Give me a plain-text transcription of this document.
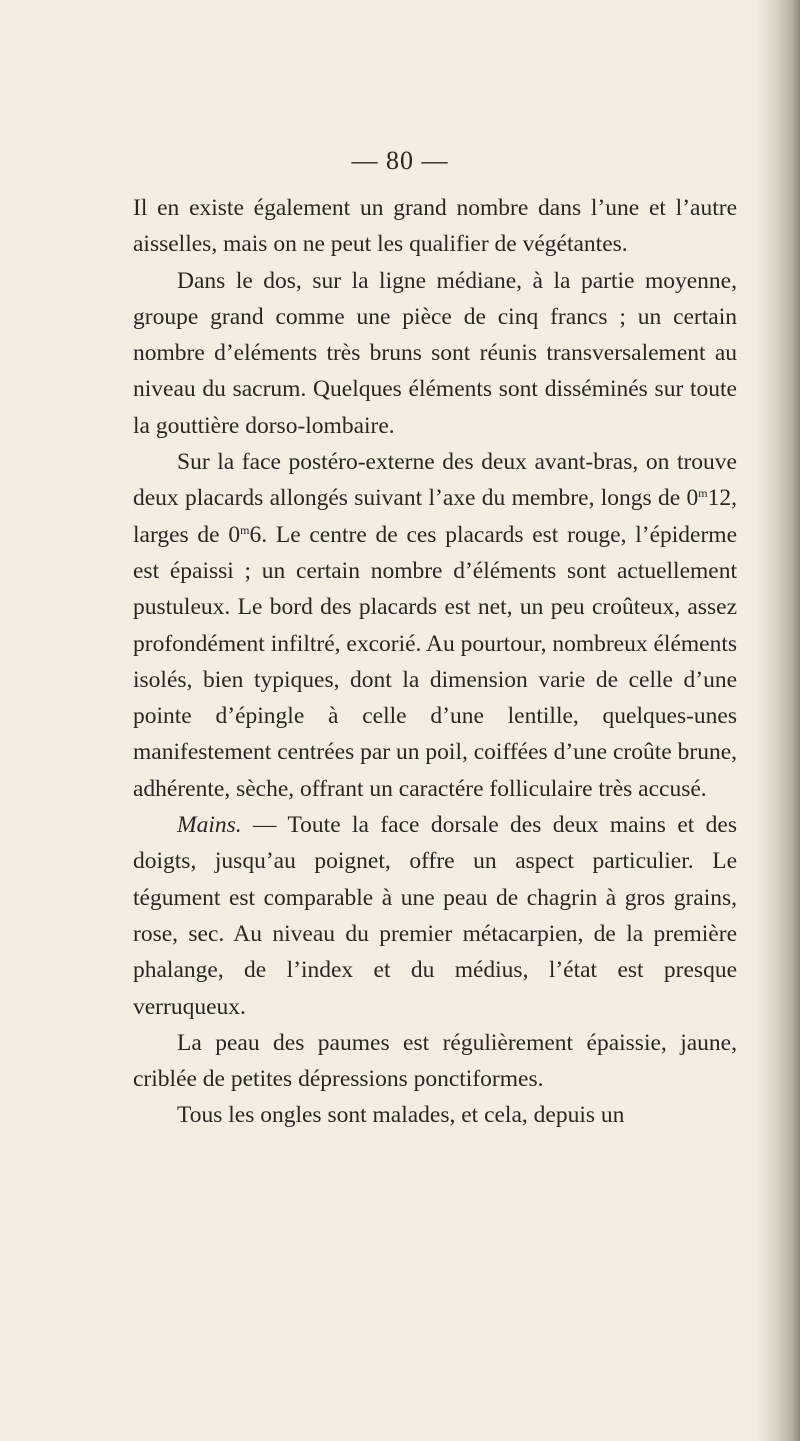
— 80 —

Il en existe également un grand nombre dans l’une et l’autre aisselles, mais on ne peut les qualifier de végétantes.

Dans le dos, sur la ligne médiane, à la partie moyenne, groupe grand comme une pièce de cinq francs ; un certain nombre d’eléments très bruns sont réunis transversalement au niveau du sacrum. Quelques éléments sont disséminés sur toute la gouttière dorso-lombaire.

Sur la face postéro-externe des deux avant-bras, on trouve deux placards allongés suivant l’axe du membre, longs de 0$^m$12, larges de 0$^m$6. Le centre de ces placards est rouge, l’épiderme est épaissi ; un certain nombre d’éléments sont actuellement pustuleux. Le bord des placards est net, un peu croûteux, assez profondément infiltré, excorié. Au pourtour, nombreux éléments isolés, bien typiques, dont la dimension varie de celle d’une pointe d’épingle à celle d’une lentille, quelques-unes manifestement centrées par un poil, coiffées d’une croûte brune, adhérente, sèche, offrant un caractére folliculaire très accusé.

Mains. — Toute la face dorsale des deux mains et des doigts, jusqu’au poignet, offre un aspect particulier. Le tégument est comparable à une peau de chagrin à gros grains, rose, sec. Au niveau du premier métacarpien, de la première phalange, de l’index et du médius, l’état est presque verruqueux.

La peau des paumes est régulièrement épaissie, jaune, criblée de petites dépressions ponctiformes.

Tous les ongles sont malades, et cela, depuis un
